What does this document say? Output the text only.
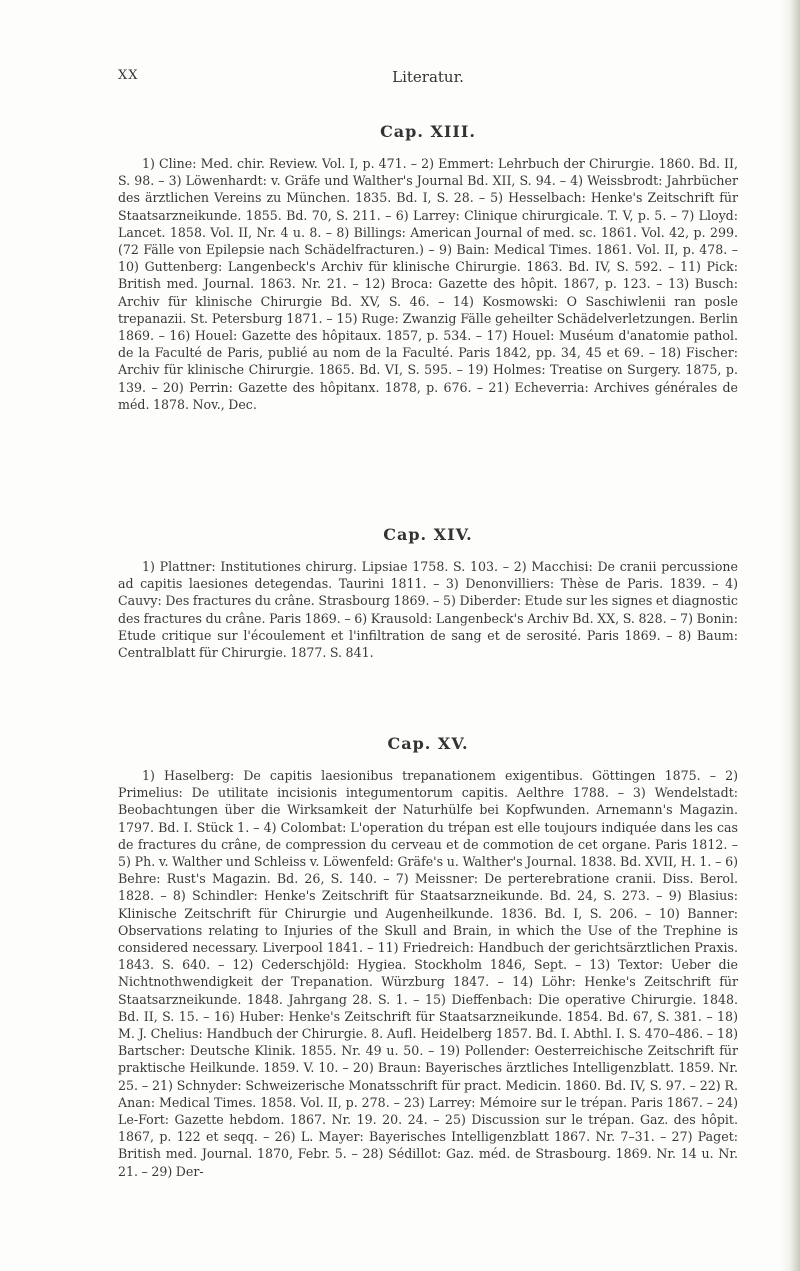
XX	Literatur.
Cap. XIII.

1) Cline: Med. chir. Review. Vol. I, p. 471. – 2) Emmert: Lehrbuch der Chirurgie. 1860. Bd. II, S. 98. – 3) Löwenhardt: v. Gräfe und Walther's Journal Bd. XII, S. 94. – 4) Weissbrodt: Jahrbücher des ärztlichen Vereins zu München. 1835. Bd. I, S. 28. – 5) Hesselbach: Henke's Zeitschrift für Staatsarzneikunde. 1855. Bd. 70, S. 211. – 6) Larrey: Clinique chirurgicale. T. V, p. 5. – 7) Lloyd: Lancet. 1858. Vol. II, Nr. 4 u. 8. – 8) Billings: American Journal of med. sc. 1861. Vol. 42, p. 299. (72 Fälle von Epilepsie nach Schädelfracturen.) – 9) Bain: Medical Times. 1861. Vol. II, p. 478. – 10) Guttenberg: Langenbeck's Archiv für klinische Chirurgie. 1863. Bd. IV, S. 592. – 11) Pick: British med. Journal. 1863. Nr. 21. – 12) Broca: Gazette des hôpit. 1867, p. 123. – 13) Busch: Archiv für klinische Chirurgie Bd. XV, S. 46. – 14) Kosmowski: O Saschiwlenii ran posle trepanazii. St. Petersburg 1871. – 15) Ruge: Zwanzig Fälle geheilter Schädelverletzungen. Berlin 1869. – 16) Houel: Gazette des hôpitaux. 1857, p. 534. – 17) Houel: Muséum d'anatomie pathol. de la Faculté de Paris, publié au nom de la Faculté. Paris 1842, pp. 34, 45 et 69. – 18) Fischer: Archiv für klinische Chirurgie. 1865. Bd. VI, S. 595. – 19) Holmes: Treatise on Surgery. 1875, p. 139. – 20) Perrin: Gazette des hôpitanx. 1878, p. 676. – 21) Echeverria: Archives générales de méd. 1878. Nov., Dec.

Cap. XIV.

1) Plattner: Institutiones chirurg. Lipsiae 1758. S. 103. – 2) Macchisi: De cranii percussione ad capitis laesiones detegendas. Taurini 1811. – 3) Denonvilliers: Thèse de Paris. 1839. – 4) Cauvy: Des fractures du crâne. Strasbourg 1869. – 5) Diberder: Etude sur les signes et diagnostic des fractures du crâne. Paris 1869. – 6) Krausold: Langenbeck's Archiv Bd. XX, S. 828. – 7) Bonin: Etude critique sur l'écoulement et l'infiltration de sang et de serosité. Paris 1869. – 8) Baum: Centralblatt für Chirurgie. 1877. S. 841.

Cap. XV.

1) Haselberg: De capitis laesionibus trepanationem exigentibus. Göttingen 1875. – 2) Primelius: De utilitate incisionis integumentorum capitis. Aelthre 1788. – 3) Wendelstadt: Beobachtungen über die Wirksamkeit der Naturhülfe bei Kopfwunden. Arnemann's Magazin. 1797. Bd. I. Stück 1. – 4) Colombat: L'operation du trépan est elle toujours indiquée dans les cas de fractures du crâne, de compression du cerveau et de commotion de cet organe. Paris 1812. – 5) Ph. v. Walther und Schleiss v. Löwenfeld: Gräfe's u. Walther's Journal. 1838. Bd. XVII, H. 1. – 6) Behre: Rust's Magazin. Bd. 26, S. 140. – 7) Meissner: De perterebratione cranii. Diss. Berol. 1828. – 8) Schindler: Henke's Zeitschrift für Staatsarzneikunde. Bd. 24, S. 273. – 9) Blasius: Klinische Zeitschrift für Chirurgie und Augenheilkunde. 1836. Bd. I, S. 206. – 10) Banner: Observations relating to Injuries of the Skull and Brain, in which the Use of the Trephine is considered necessary. Liverpool 1841. – 11) Friedreich: Handbuch der gerichtsärztlichen Praxis. 1843. S. 640. – 12) Cederschjöld: Hygiea. Stockholm 1846, Sept. – 13) Textor: Ueber die Nichtnothwendigkeit der Trepanation. Würzburg 1847. – 14) Löhr: Henke's Zeitschrift für Staatsarzneikunde. 1848. Jahrgang 28. S. 1. – 15) Dieffenbach: Die operative Chirurgie. 1848. Bd. II, S. 15. – 16) Huber: Henke's Zeitschrift für Staatsarzneikunde. 1854. Bd. 67, S. 381. – 18) M. J. Chelius: Handbuch der Chirurgie. 8. Aufl. Heidelberg 1857. Bd. I. Abthl. I. S. 470–486. – 18) Bartscher: Deutsche Klinik. 1855. Nr. 49 u. 50. – 19) Pollender: Oesterreichische Zeitschrift für praktische Heilkunde. 1859. V. 10. – 20) Braun: Bayerisches ärztliches Intelligenzblatt. 1859. Nr. 25. – 21) Schnyder: Schweizerische Monatsschrift für pract. Medicin. 1860. Bd. IV, S. 97. – 22) R. Anan: Medical Times. 1858. Vol. II, p. 278. – 23) Larrey: Mémoire sur le trépan. Paris 1867. – 24) Le-Fort: Gazette hebdom. 1867. Nr. 19. 20. 24. – 25) Discussion sur le trépan. Gaz. des hôpit. 1867, p. 122 et seqq. – 26) L. Mayer: Bayerisches Intelligenzblatt 1867. Nr. 7–31. – 27) Paget: British med. Journal. 1870, Febr. 5. – 28) Sédillot: Gaz. méd. de Strasbourg. 1869. Nr. 14 u. Nr. 21. – 29) Der-
